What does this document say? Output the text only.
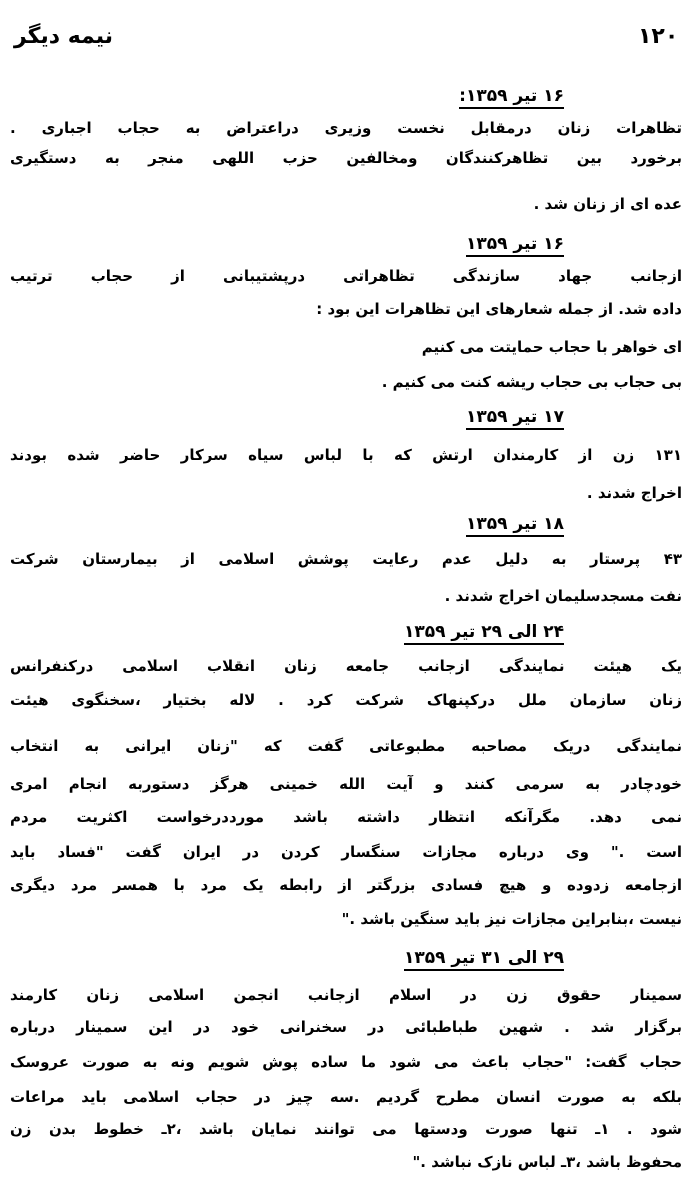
۱۲۰
نیمه دیگر
۱۶ تیر ۱۳۵۹:
تظاهرات زنان درمقابل نخست وزیری دراعتراض به حجاب اجباری .
برخورد بین تظاهرکنندگان ومخالفین حزب اللهی منجر به دستگیری
عده ای از زنان شد .
۱۶ تیر ۱۳۵۹
ازجانب جهاد سازندگی تظاهراتی درپشتیبانی از حجاب ترتیب
داده شد. از جمله شعارهای این تظاهرات این بود :
ای خواهر با حجاب حمایتت می کنیم
بی حجاب بی حجاب ریشه کنت می کنیم .
۱۷ تیر ۱۳۵۹
۱۳۱ زن از کارمندان ارتش که با لباس سیاه سرکار حاضر شده بودند
اخراج شدند .
۱۸ تیر ۱۳۵۹
۴۳ پرستار به دلیل عدم رعایت پوشش اسلامی از بیمارستان شرکت
نفت مسجدسلیمان اخراج شدند .
۲۴ الی ۲۹ تیر ۱۳۵۹
یک هیئت نمایندگی ازجانب جامعه زنان انقلاب اسلامی درکنفرانس
زنان سازمان ملل درکپنهاک شرکت کرد . لاله بختیار ،سخنگوی هیئت
نمایندگی دریک مصاحبه مطبوعاتی گفت که "زنان ایرانی به انتخاب
خودچادر به سرمی کنند و آیت الله خمینی هرگز دستوربه انجام امری
نمی دهد. مگرآنکه انتظار داشته باشد مورددرخواست اکثریت مردم
است ." وی درباره مجازات سنگسار کردن در ایران گفت "فساد باید
ازجامعه زدوده و هیچ فسادی بزرگتر از رابطه یک مرد با همسر مرد دیگری
نیست ،بنابراین مجازات نیز باید سنگین باشد ."
۲۹ الی ۳۱ تیر ۱۳۵۹
سمینار حقوق زن در اسلام ازجانب انجمن اسلامی زنان کارمند
برگزار شد . شهین طباطبائی در سخنرانی خود در این سمینار درباره
حجاب گفت: "حجاب باعث می شود ما ساده پوش شویم ونه به صورت عروسک
بلکه به صورت انسان مطرح گردیم .سه چیز در حجاب اسلامی باید مراعات
شود . ۱ـ تنها صورت ودستها می توانند نمایان باشد ،۲ـ خطوط بدن زن
محفوظ باشد ،۳ـ لباس نازک نباشد ."
